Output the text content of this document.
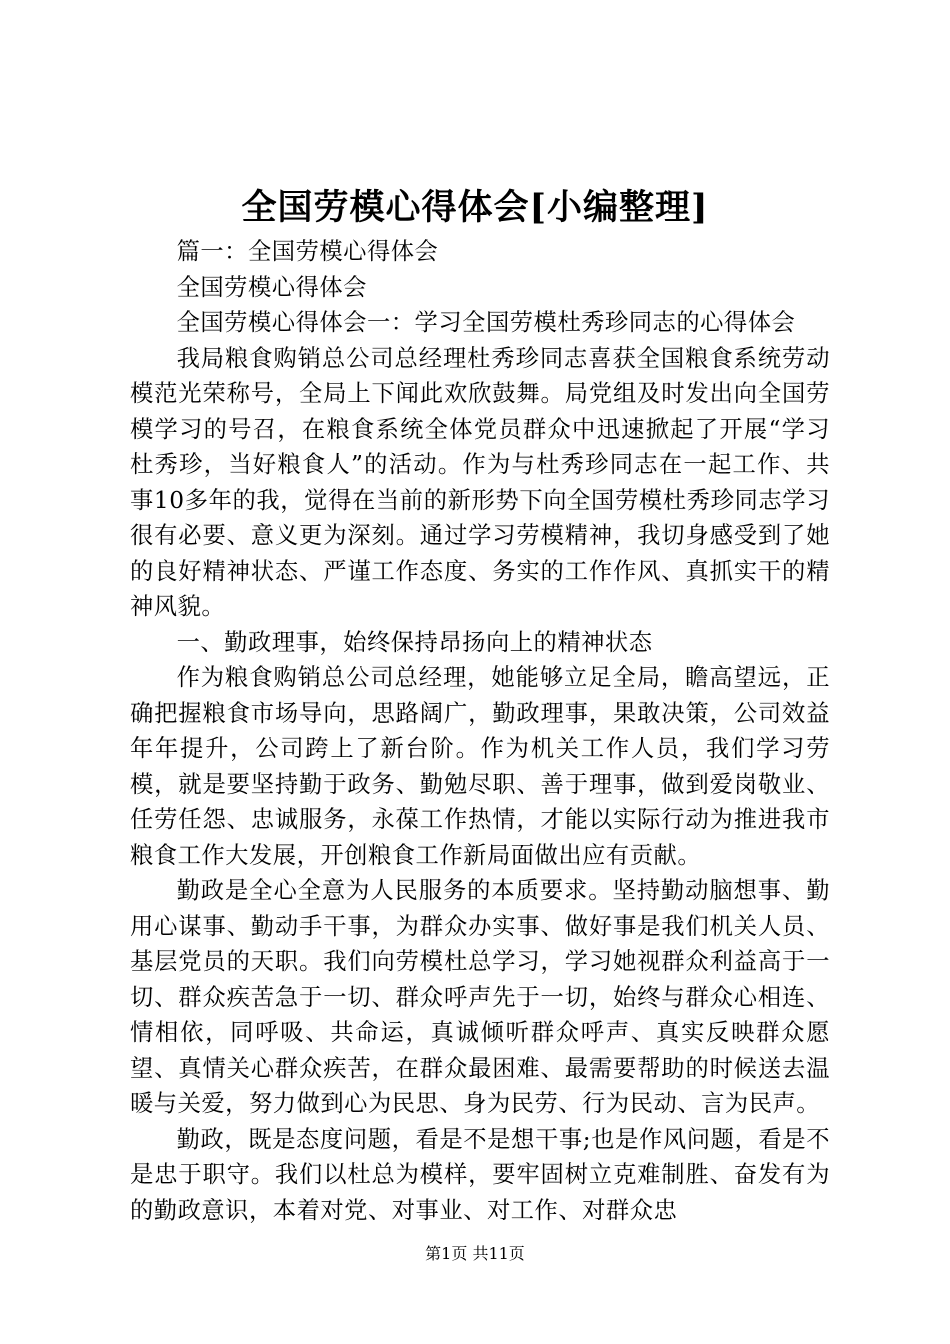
全国劳模心得体会[小编整理]

篇一：全国劳模心得体会

全国劳模心得体会

全国劳模心得体会一：学习全国劳模杜秀珍同志的心得体会

我局粮食购销总公司总经理杜秀珍同志喜获全国粮食系统劳动模范光荣称号，全局上下闻此欢欣鼓舞。局党组及时发出向全国劳模学习的号召，在粮食系统全体党员群众中迅速掀起了开展“学习杜秀珍，当好粮食人”的活动。作为与杜秀珍同志在一起工作、共事10多年的我，觉得在当前的新形势下向全国劳模杜秀珍同志学习很有必要、意义更为深刻。通过学习劳模精神，我切身感受到了她的良好精神状态、严谨工作态度、务实的工作作风、真抓实干的精神风貌。

一、勤政理事，始终保持昂扬向上的精神状态

作为粮食购销总公司总经理，她能够立足全局，瞻高望远，正确把握粮食市场导向，思路阔广，勤政理事，果敢决策，公司效益年年提升，公司跨上了新台阶。作为机关工作人员，我们学习劳模，就是要坚持勤于政务、勤勉尽职、善于理事，做到爱岗敬业、任劳任怨、忠诚服务，永葆工作热情，才能以实际行动为推进我市粮食工作大发展，开创粮食工作新局面做出应有贡献。

勤政是全心全意为人民服务的本质要求。坚持勤动脑想事、勤用心谋事、勤动手干事，为群众办实事、做好事是我们机关人员、基层党员的天职。我们向劳模杜总学习，学习她视群众利益高于一切、群众疾苦急于一切、群众呼声先于一切，始终与群众心相连、情相依，同呼吸、共命运，真诚倾听群众呼声、真实反映群众愿望、真情关心群众疾苦，在群众最困难、最需要帮助的时候送去温暖与关爱，努力做到心为民思、身为民劳、行为民动、言为民声。

勤政，既是态度问题，看是不是想干事;也是作风问题，看是不是忠于职守。我们以杜总为模样，要牢固树立克难制胜、奋发有为的勤政意识，本着对党、对事业、对工作、对群众忠

第1页 共11页
